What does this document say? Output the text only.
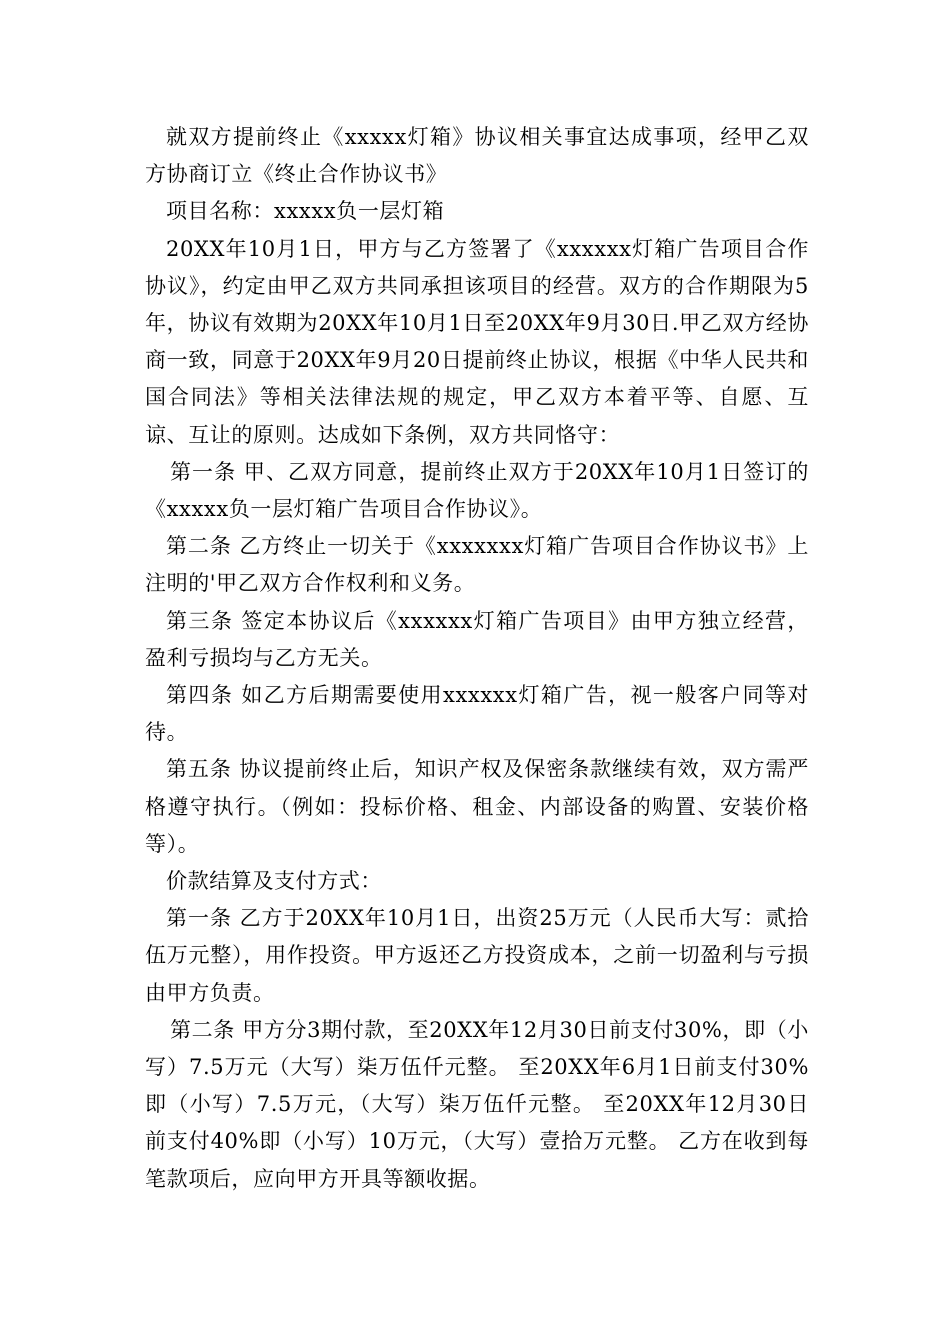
就双方提前终止《xxxxx灯箱》协议相关事宜达成事项，经甲乙双方协商订立《终止合作协议书》

项目名称：xxxxx负一层灯箱

20XX年10月1日，甲方与乙方签署了《xxxxxx灯箱广告项目合作协议》，约定由甲乙双方共同承担该项目的经营。双方的合作期限为5年，协议有效期为20XX年10月1日至20XX年9月30日.甲乙双方经协商一致，同意于20XX年9月20日提前终止协议，根据《中华人民共和国合同法》等相关法律法规的规定，甲乙双方本着平等、自愿、互谅、互让的原则。达成如下条例，双方共同恪守：

第一条 甲、乙双方同意，提前终止双方于20XX年10月1日签订的《xxxxx负一层灯箱广告项目合作协议》。

第二条 乙方终止一切关于《xxxxxxx灯箱广告项目合作协议书》上注明的'甲乙双方合作权利和义务。

第三条 签定本协议后《xxxxxx灯箱广告项目》由甲方独立经营，盈利亏损均与乙方无关。

第四条 如乙方后期需要使用xxxxxx灯箱广告，视一般客户同等对待。

第五条 协议提前终止后，知识产权及保密条款继续有效，双方需严格遵守执行。（例如：投标价格、租金、内部设备的购置、安装价格等）。

价款结算及支付方式：

第一条 乙方于20XX年10月1日，出资25万元（人民币大写：贰拾伍万元整），用作投资。甲方返还乙方投资成本，之前一切盈利与亏损由甲方负责。

第二条 甲方分3期付款，至20XX年12月30日前支付30%，即（小写）7.5万元（大写）柒万伍仟元整。 至20XX年6月1日前支付30%即（小写）7.5万元，（大写）柒万伍仟元整。 至20XX年12月30日前支付40%即（小写）10万元，（大写）壹拾万元整。 乙方在收到每笔款项后，应向甲方开具等额收据。
